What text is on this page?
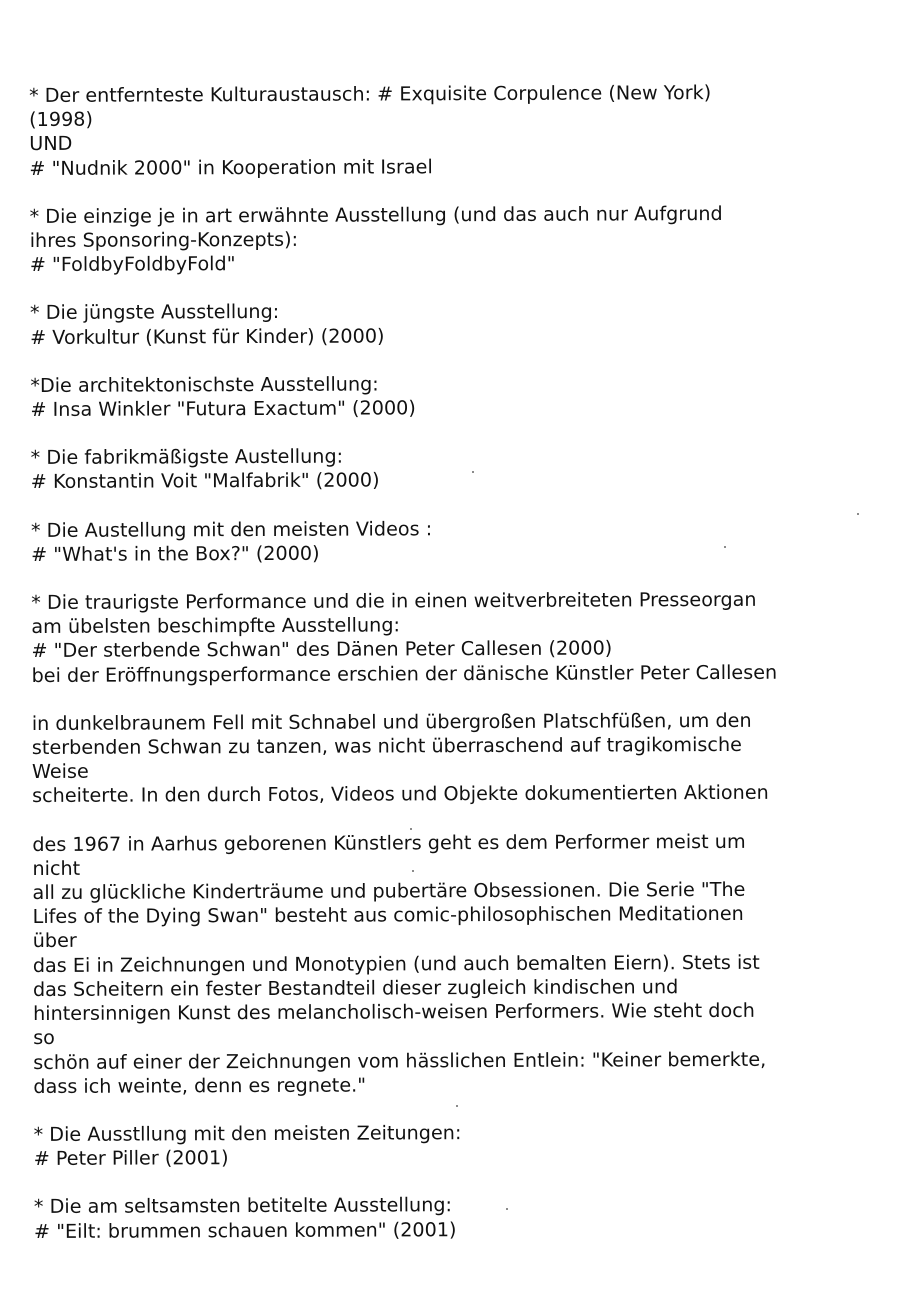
* Der entfernteste Kulturaustausch: # Exquisite Corpulence (New York)
(1998)
UND
# "Nudnik 2000" in Kooperation mit Israel
* Die einzige je in art erwähnte Ausstellung (und das auch nur Aufgrund
ihres Sponsoring-Konzepts):
# "FoldbyFoldbyFold"
* Die jüngste Ausstellung:
# Vorkultur (Kunst für Kinder) (2000)
*Die architektonischste Ausstellung:
# Insa Winkler "Futura Exactum" (2000)
* Die fabrikmäßigste Austellung:
# Konstantin Voit "Malfabrik" (2000)
* Die Austellung mit den meisten Videos :
# "What's in the Box?" (2000)
* Die traurigste Performance und die in einen weitverbreiteten Presseorgan
am übelsten beschimpfte Ausstellung:
# "Der sterbende Schwan" des Dänen Peter Callesen (2000)
bei der Eröffnungsperformance erschien der dänische Künstler Peter Callesen
in dunkelbraunem Fell mit Schnabel und übergroßen Platschfüßen, um den
sterbenden Schwan zu tanzen, was nicht überraschend auf tragikomische
Weise
scheiterte. In den durch Fotos, Videos und Objekte dokumentierten Aktionen
des 1967 in Aarhus geborenen Künstlers geht es dem Performer meist um
nicht
all zu glückliche Kinderträume und pubertäre Obsessionen. Die Serie "The
Lifes of the Dying Swan" besteht aus comic-philosophischen Meditationen
über
das Ei in Zeichnungen und Monotypien (und auch bemalten Eiern). Stets ist
das Scheitern ein fester Bestandteil dieser zugleich kindischen und
hintersinnigen Kunst des melancholisch-weisen Performers. Wie steht doch
so
schön auf einer der Zeichnungen vom hässlichen Entlein: "Keiner bemerkte,
dass ich weinte, denn es regnete."
* Die Ausstllung mit den meisten Zeitungen:
# Peter Piller (2001)
* Die am seltsamsten betitelte Ausstellung:
# "Eilt: brummen schauen kommen" (2001)
